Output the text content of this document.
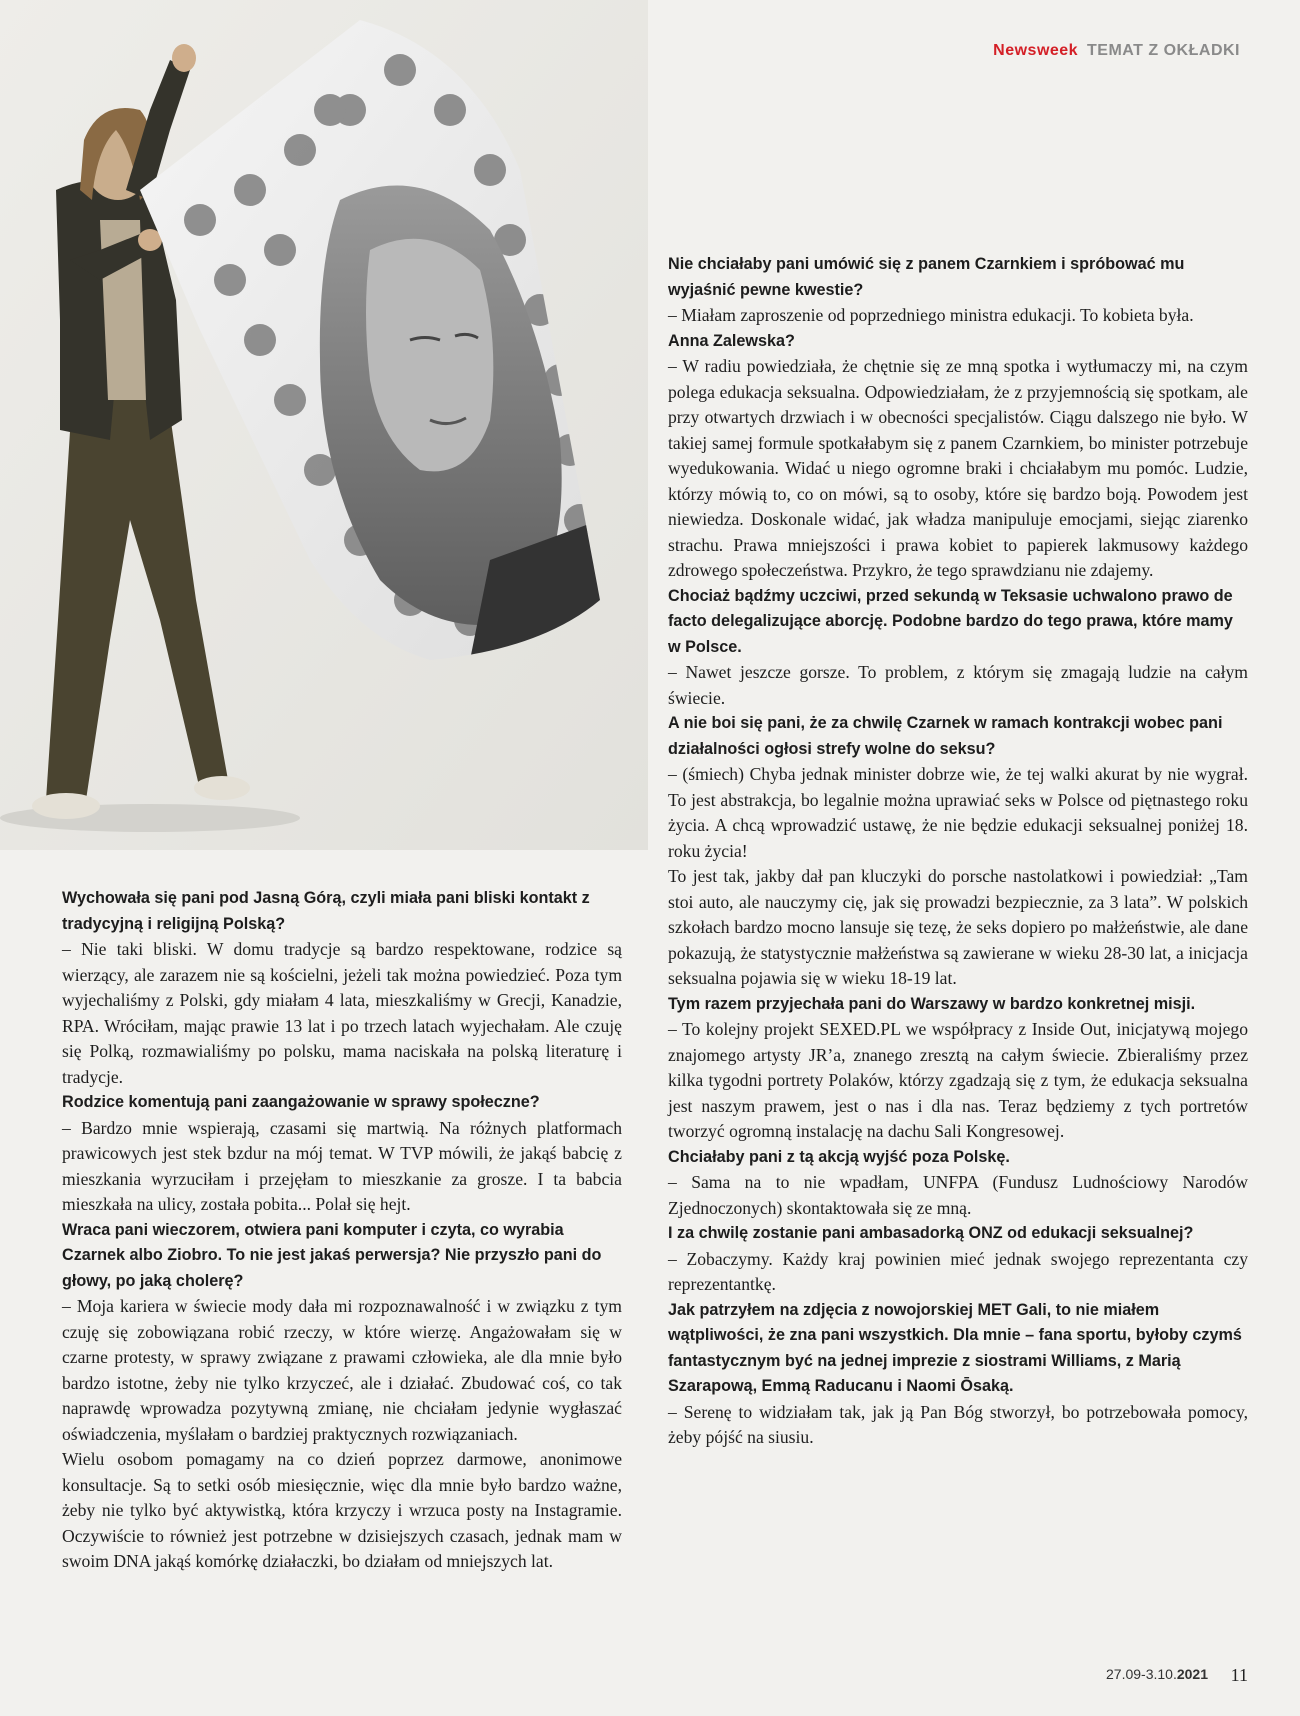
Newsweek TEMAT Z OKŁADKI

Nie chciałaby pani umówić się z panem Czarnkiem i spróbować mu wyjaśnić pewne kwestie?

– Miałam zaproszenie od poprzedniego ministra edukacji. To kobieta była.

Anna Zalewska?

– W radiu powiedziała, że chętnie się ze mną spotka i wytłumaczy mi, na czym polega edukacja seksualna. Odpowiedziałam, że z przyjemnością się spotkam, ale przy otwartych drzwiach i w obecności specjalistów. Ciągu dalszego nie było. W takiej samej formule spotkałabym się z panem Czarnkiem, bo minister potrzebuje wyedukowania. Widać u niego ogromne braki i chciałabym mu pomóc. Ludzie, którzy mówią to, co on mówi, są to osoby, które się bardzo boją. Powodem jest niewiedza. Doskonale widać, jak władza manipuluje emocjami, siejąc ziarenko strachu. Prawa mniejszości i prawa kobiet to papierek lakmusowy każdego zdrowego społeczeństwa. Przykro, że tego sprawdzianu nie zdajemy.

Chociaż bądźmy uczciwi, przed sekundą w Teksasie uchwalono prawo de facto delegalizujące aborcję. Podobne bardzo do tego prawa, które mamy w Polsce.

– Nawet jeszcze gorsze. To problem, z którym się zmagają ludzie na całym świecie.

A nie boi się pani, że za chwilę Czarnek w ramach kontrakcji wobec pani działalności ogłosi strefy wolne do seksu?

– (śmiech) Chyba jednak minister dobrze wie, że tej walki akurat by nie wygrał. To jest abstrakcja, bo legalnie można uprawiać seks w Polsce od piętnastego roku życia. A chcą wprowadzić ustawę, że nie będzie edukacji seksualnej poniżej 18. roku życia!

To jest tak, jakby dał pan kluczyki do porsche nastolatkowi i powiedział: „Tam stoi auto, ale nauczymy cię, jak się prowadzi bezpiecznie, za 3 lata”. W polskich szkołach bardzo mocno lansuje się tezę, że seks dopiero po małżeństwie, ale dane pokazują, że statystycznie małżeństwa są zawierane w wieku 28-30 lat, a inicjacja seksualna pojawia się w wieku 18-19 lat.

Tym razem przyjechała pani do Warszawy w bardzo konkretnej misji.

– To kolejny projekt SEXED.PL we współpracy z Inside Out, inicjatywą mojego znajomego artysty JR’a, znanego zresztą na całym świecie. Zbieraliśmy przez kilka tygodni portrety Polaków, którzy zgadzają się z tym, że edukacja seksualna jest naszym prawem, jest o nas i dla nas. Teraz będziemy z tych portretów tworzyć ogromną instalację na dachu Sali Kongresowej.

Chciałaby pani z tą akcją wyjść poza Polskę.

– Sama na to nie wpadłam, UNFPA (Fundusz Ludnościowy Narodów Zjednoczonych) skontaktowała się ze mną.

I za chwilę zostanie pani ambasadorką ONZ od edukacji seksualnej?

– Zobaczymy. Każdy kraj powinien mieć jednak swojego reprezentanta czy reprezentantkę.

Jak patrzyłem na zdjęcia z nowojorskiej MET Gali, to nie miałem wątpliwości, że zna pani wszystkich. Dla mnie – fana sportu, byłoby czymś fantastycznym być na jednej imprezie z siostrami Williams, z Marią Szarapową, Emmą Raducanu i Naomi Ōsaką.

– Serenę to widziałam tak, jak ją Pan Bóg stworzył, bo potrzebowała pomocy, żeby pójść na siusiu.

Wychowała się pani pod Jasną Górą, czyli miała pani bliski kontakt z tradycyjną i religijną Polską?

– Nie taki bliski. W domu tradycje są bardzo respektowane, rodzice są wierzący, ale zarazem nie są kościelni, jeżeli tak można powiedzieć. Poza tym wyjechaliśmy z Polski, gdy miałam 4 lata, mieszkaliśmy w Grecji, Kanadzie, RPA. Wróciłam, mając prawie 13 lat i po trzech latach wyjechałam. Ale czuję się Polką, rozmawialiśmy po polsku, mama naciskała na polską literaturę i tradycje.

Rodzice komentują pani zaangażowanie w sprawy społeczne?

– Bardzo mnie wspierają, czasami się martwią. Na różnych platformach prawicowych jest stek bzdur na mój temat. W TVP mówili, że jakąś babcię z mieszkania wyrzuciłam i przejęłam to mieszkanie za grosze. I ta babcia mieszkała na ulicy, została pobita... Polał się hejt.

Wraca pani wieczorem, otwiera pani komputer i czyta, co wyrabia Czarnek albo Ziobro. To nie jest jakaś perwersja? Nie przyszło pani do głowy, po jaką cholerę?

– Moja kariera w świecie mody dała mi rozpoznawalność i w związku z tym czuję się zobowiązana robić rzeczy, w które wierzę. Angażowałam się w czarne protesty, w sprawy związane z prawami człowieka, ale dla mnie było bardzo istotne, żeby nie tylko krzyczeć, ale i działać. Zbudować coś, co tak naprawdę wprowadza pozytywną zmianę, nie chciałam jedynie wygłaszać oświadczenia, myślałam o bardziej praktycznych rozwiązaniach.

Wielu osobom pomagamy na co dzień poprzez darmowe, anonimowe konsultacje. Są to setki osób miesięcznie, więc dla mnie było bardzo ważne, żeby nie tylko być aktywistką, która krzyczy i wrzuca posty na Instagramie. Oczywiście to również jest potrzebne w dzisiejszych czasach, jednak mam w swoim DNA jakąś komórkę działaczki, bo działam od mniejszych lat.

27.09-3.10.2021 11
